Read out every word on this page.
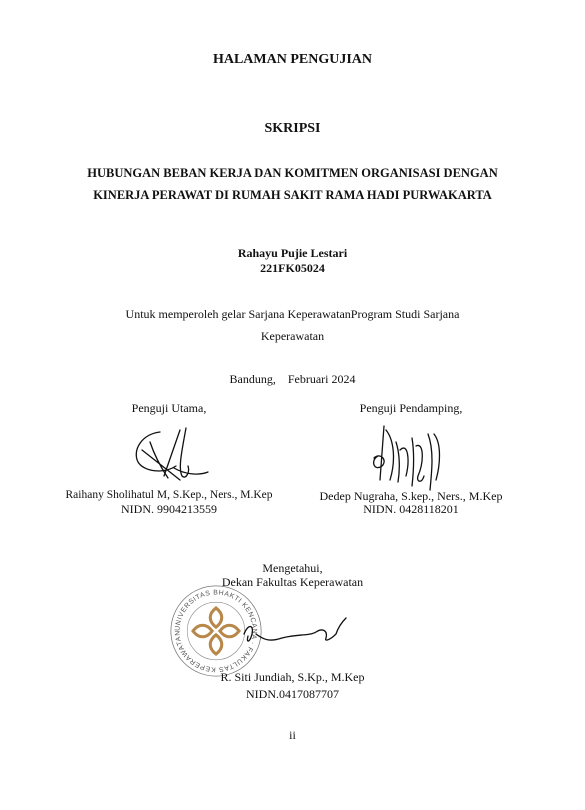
HALAMAN PENGUJIAN
SKRIPSI
HUBUNGAN BEBAN KERJA DAN KOMITMEN ORGANISASI DENGAN KINERJA PERAWAT DI RUMAH SAKIT RAMA HADI PURWAKARTA
Rahayu Pujie Lestari
221FK05024
Untuk memperoleh gelar Sarjana KeperawatanProgram Studi Sarjana Keperawatan
Bandung,    Februari 2024
Penguji Utama,
Raihany Sholihatul M, S.Kep., Ners., M.Kep
NIDN. 9904213559
Penguji Pendamping,
Dedep Nugraha, S.kep., Ners., M.Kep
NIDN. 0428118201
Mengetahui,
Dekan Fakultas Keperawatan
UNIVERSITAS BHAKTI KENCANA · FAKULTAS KEPERAWATAN
R. Siti Jundiah, S.Kp., M.Kep
NIDN.0417087707
ii
